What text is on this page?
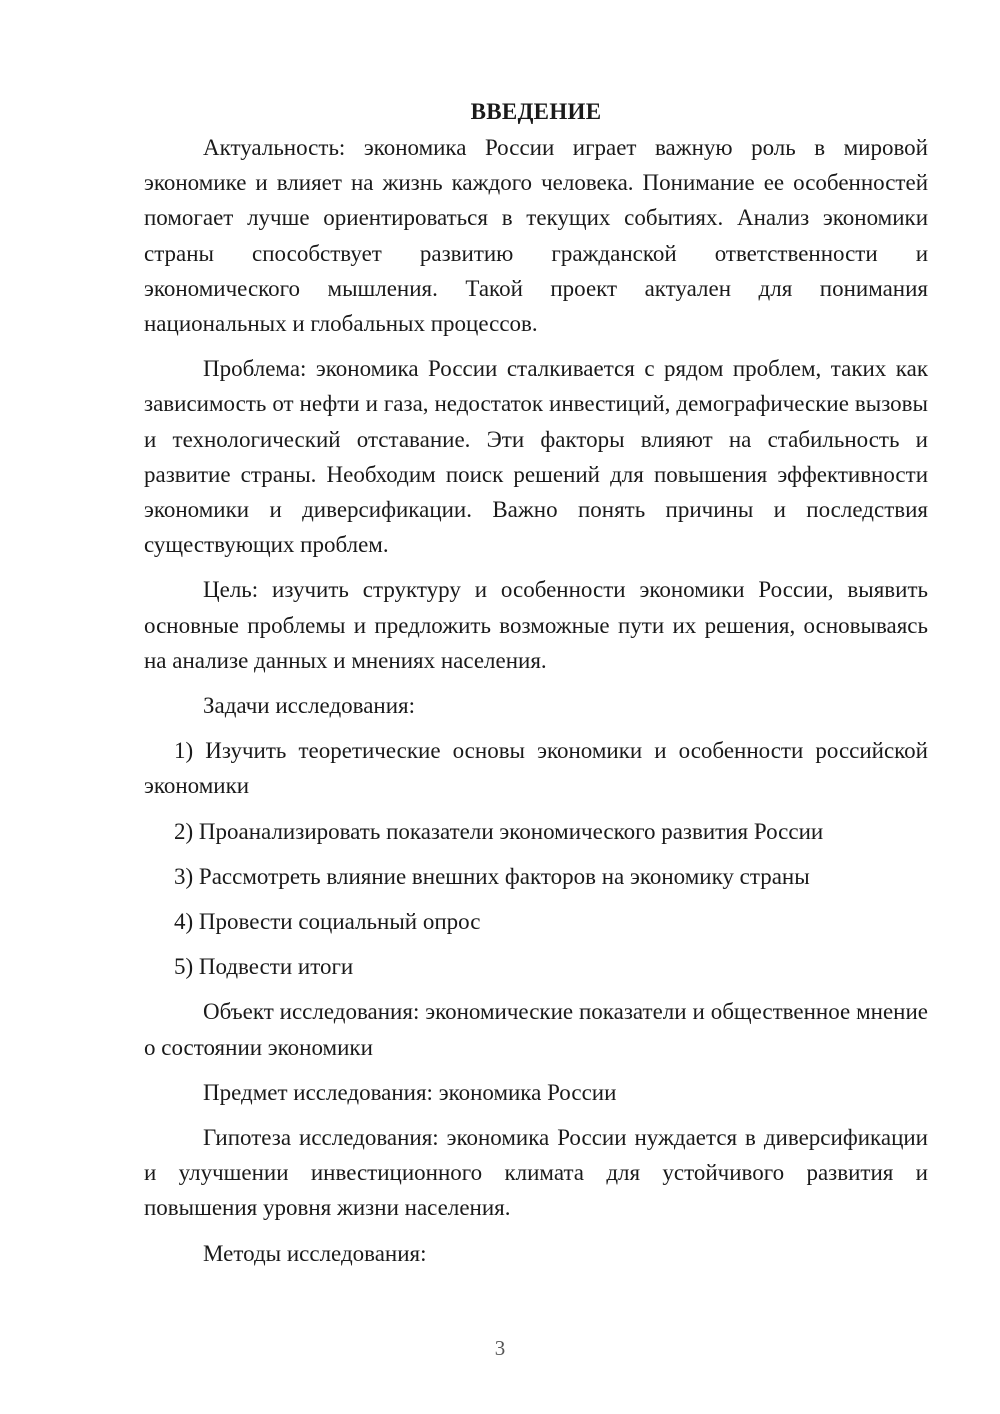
ВВЕДЕНИЕ

Актуальность: экономика России играет важную роль в мировой экономике и влияет на жизнь каждого человека. Понимание ее особенностей помогает лучше ориентироваться в текущих событиях. Анализ экономики страны способствует развитию гражданской ответственности и экономического мышления. Такой проект актуален для понимания национальных и глобальных процессов.

Проблема: экономика России сталкивается с рядом проблем, таких как зависимость от нефти и газа, недостаток инвестиций, демографические вызовы и технологический отставание. Эти факторы влияют на стабильность и развитие страны. Необходим поиск решений для повышения эффективности экономики и диверсификации. Важно понять причины и последствия существующих проблем.

Цель: изучить структуру и особенности экономики России, выявить основные проблемы и предложить возможные пути их решения, основываясь на анализе данных и мнениях населения.

Задачи исследования:

1) Изучить теоретические основы экономики и особенности российской экономики

2) Проанализировать показатели экономического развития России

3) Рассмотреть влияние внешних факторов на экономику страны

4) Провести социальный опрос

5) Подвести итоги

Объект исследования: экономические показатели и общественное мнение о состоянии экономики

Предмет исследования: экономика России

Гипотеза исследования: экономика России нуждается в диверсификации и улучшении инвестиционного климата для устойчивого развития и повышения уровня жизни населения.

Методы исследования:

3
